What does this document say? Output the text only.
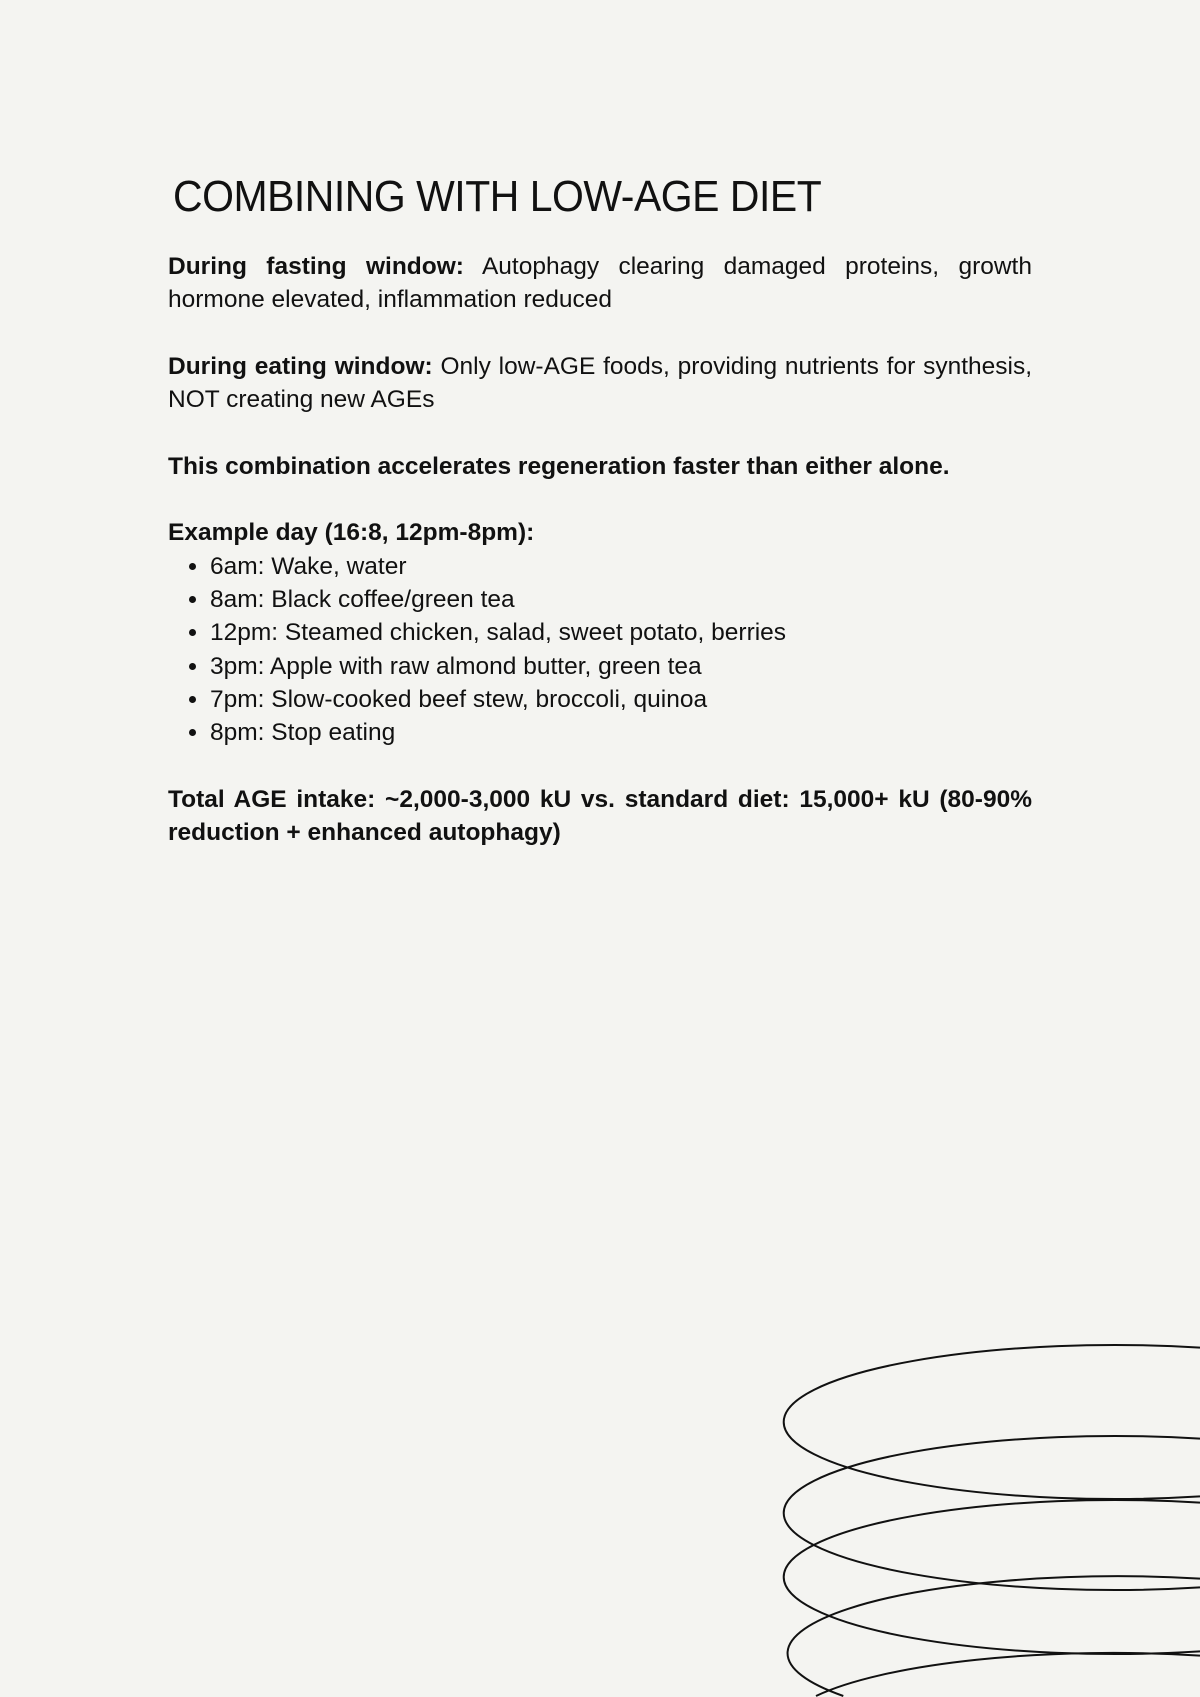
COMBINING WITH LOW-AGE DIET

During fasting window: Autophagy clearing damaged proteins, growth hormone elevated, inflammation reduced

During eating window: Only low-AGE foods, providing nutrients for synthesis, NOT creating new AGEs

This combination accelerates regeneration faster than either alone.

Example day (16:8, 12pm-8pm):
• 6am: Wake, water
• 8am: Black coffee/green tea
• 12pm: Steamed chicken, salad, sweet potato, berries
• 3pm: Apple with raw almond butter, green tea
• 7pm: Slow-cooked beef stew, broccoli, quinoa
• 8pm: Stop eating

Total AGE intake: ~2,000-3,000 kU vs. standard diet: 15,000+ kU (80-90% reduction + enhanced autophagy)
